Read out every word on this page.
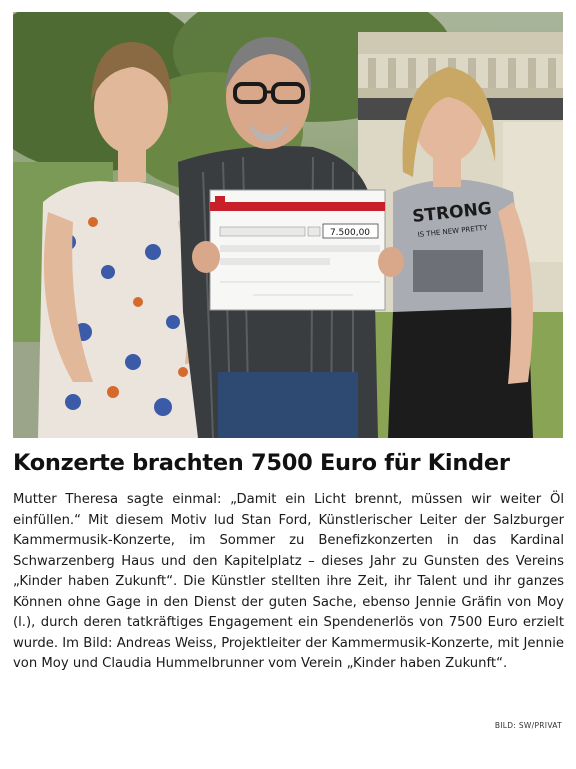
STRONG
IS THE NEW PRETTY
7.500,00
Konzerte brachten 7500 Euro für Kinder
Mutter Theresa sagte einmal: „Damit ein Licht brennt, müssen wir weiter Öl einfüllen.“ Mit diesem Motiv lud Stan Ford, Künstlerischer Leiter der Salzburger Kammermusik-Konzerte, im Sommer zu Benefizkonzerten in das Kardinal Schwarzenberg Haus und den Kapitelplatz – dieses Jahr zu Gunsten des Vereins „Kinder haben Zukunft“. Die Künstler stellten ihre Zeit, ihr Talent und ihr ganzes Können ohne Gage in den Dienst der guten Sache, ebenso Jennie Gräfin von Moy (l.), durch deren tatkräftiges Engagement ein Spendenerlös von 7500 Euro erzielt wurde. Im Bild: Andreas Weiss, Projektleiter der Kammermusik-Konzerte, mit Jennie von Moy und Claudia Hummelbrunner vom Verein „Kinder haben Zukunft“.
BILD: SW/PRIVAT
